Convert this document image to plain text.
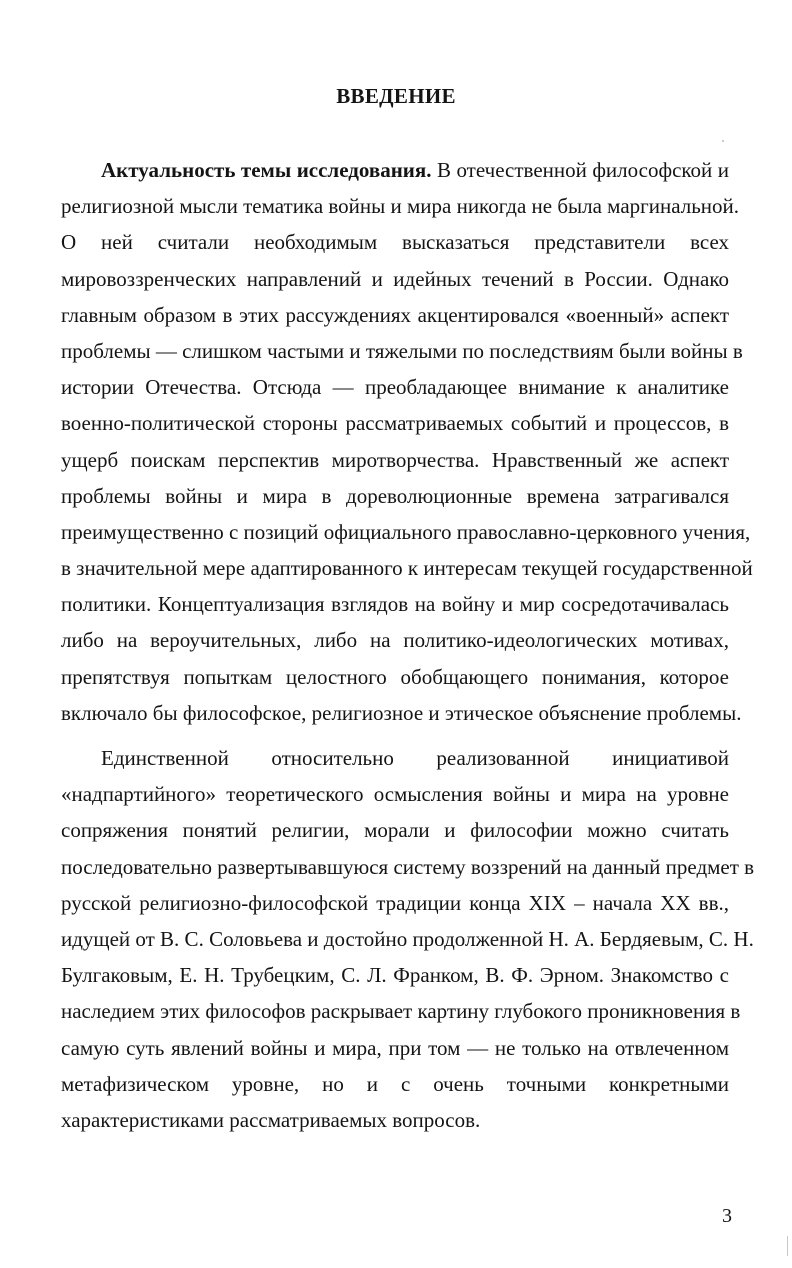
ВВЕДЕНИЕ
Актуальность темы исследования. В отечественной философской и
религиозной мысли тематика войны и мира никогда не была маргинальной.
О ней считали необходимым высказаться представители всех
мировоззренческих направлений и идейных течений в России. Однако
главным образом в этих рассуждениях акцентировался «военный» аспект
проблемы — слишком частыми и тяжелыми по последствиям были войны в
истории Отечества. Отсюда — преобладающее внимание к аналитике
военно-политической стороны рассматриваемых событий и процессов, в
ущерб поискам перспектив миротворчества. Нравственный же аспект
проблемы войны и мира в дореволюционные времена затрагивался
преимущественно с позиций официального православно-церковного учения,
в значительной мере адаптированного к интересам текущей государственной
политики. Концептуализация взглядов на войну и мир сосредотачивалась
либо на вероучительных, либо на политико-идеологических мотивах,
препятствуя попыткам целостного обобщающего понимания, которое
включало бы философское, религиозное и этическое объяснение проблемы.
Единственной относительно реализованной инициативой
«надпартийного» теоретического осмысления войны и мира на уровне
сопряжения понятий религии, морали и философии можно считать
последовательно развертывавшуюся систему воззрений на данный предмет в
русской религиозно-философской традиции конца XIX – начала XX вв.,
идущей от В. С. Соловьева и достойно продолженной Н. А. Бердяевым, С. Н.
Булгаковым, Е. Н. Трубецким, С. Л. Франком, В. Ф. Эрном. Знакомство с
наследием этих философов раскрывает картину глубокого проникновения в
самую суть явлений войны и мира, при том — не только на отвлеченном
метафизическом уровне, но и с очень точными конкретными
характеристиками рассматриваемых вопросов.
3
